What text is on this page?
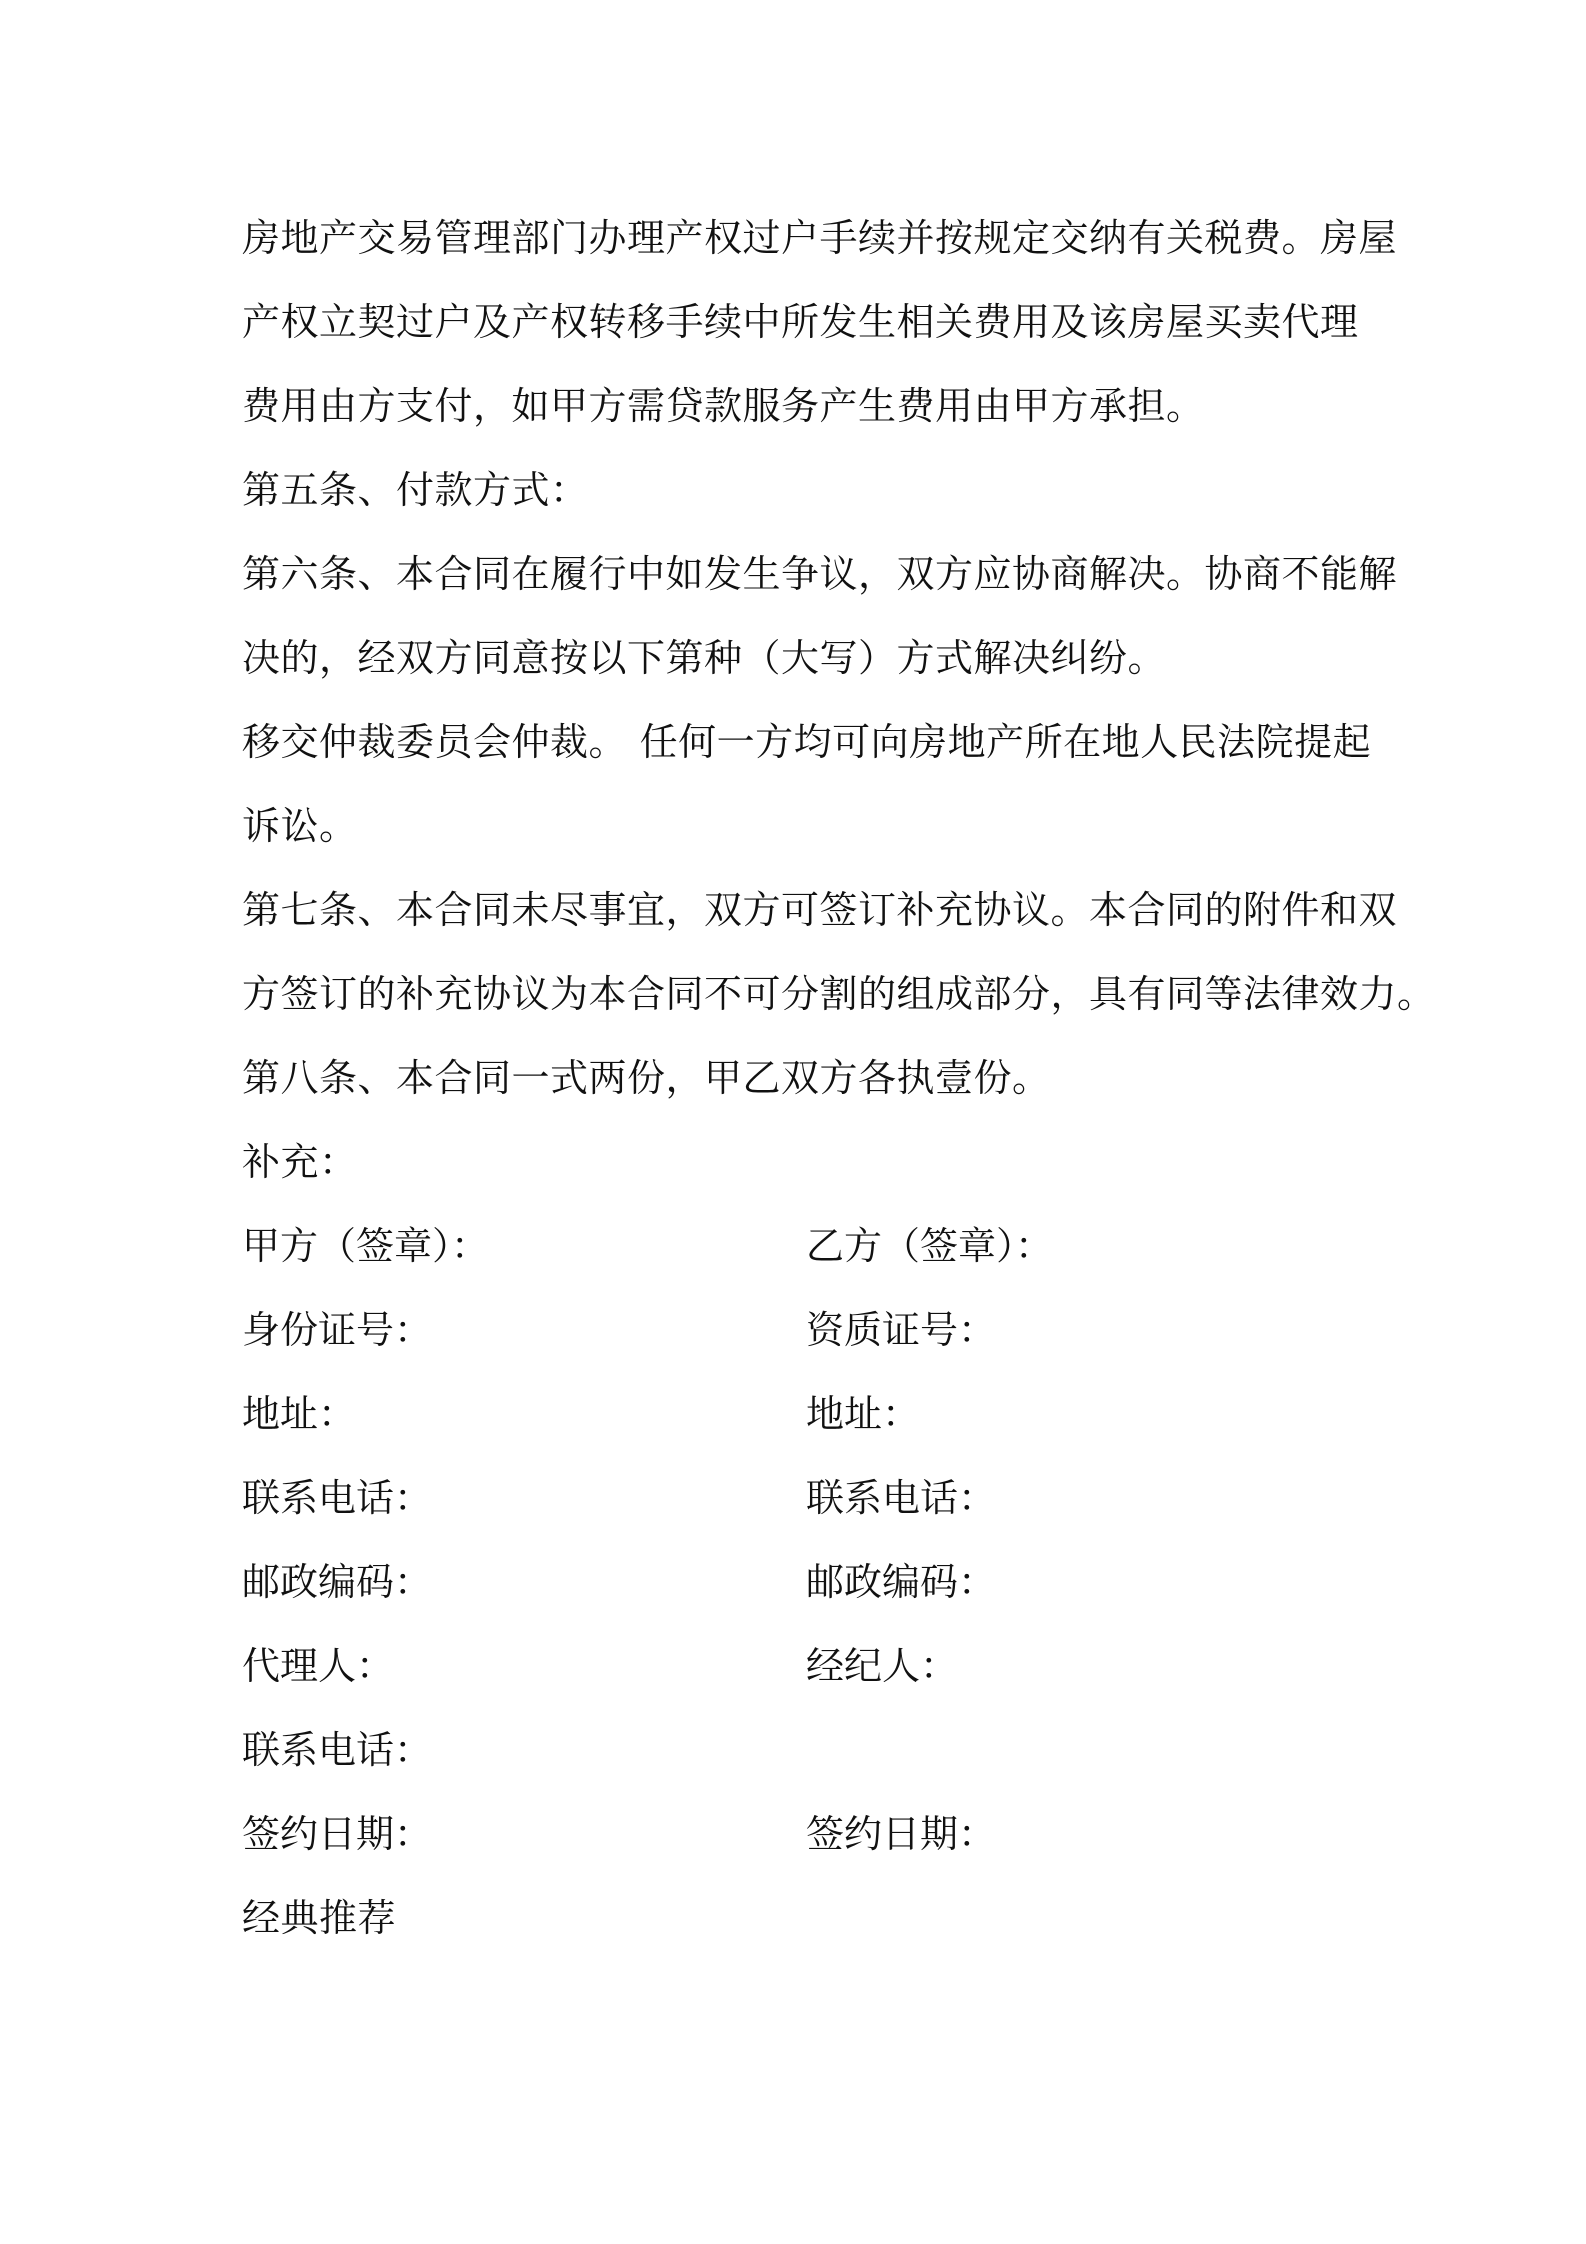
房地产交易管理部门办理产权过户手续并按规定交纳有关税费。房屋
产权立契过户及产权转移手续中所发生相关费用及该房屋买卖代理
费用由方支付，如甲方需贷款服务产生费用由甲方承担。
第五条、付款方式：
第六条、本合同在履行中如发生争议，双方应协商解决。协商不能解
决的，经双方同意按以下第种（大写）方式解决纠纷。
移交仲裁委员会仲裁。 任何一方均可向房地产所在地人民法院提起
诉讼。
第七条、本合同未尽事宜，双方可签订补充协议。本合同的附件和双
方签订的补充协议为本合同不可分割的组成部分，具有同等法律效力。
第八条、本合同一式两份，甲乙双方各执壹份。
补充：
甲方（签章）：	乙方（签章）：
身份证号：	资质证号：
地址：	地址：
联系电话：	联系电话：
邮政编码：	邮政编码：
代理人：	经纪人：
联系电话：
签约日期：	签约日期：
经典推荐
